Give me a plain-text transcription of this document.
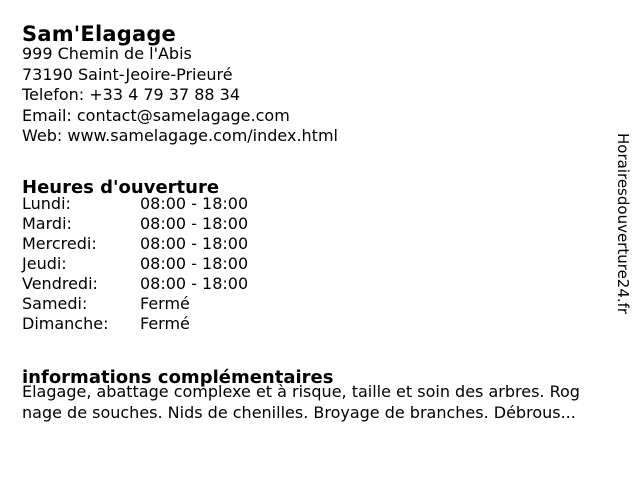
Sam'Elagage
999 Chemin de l'Abis
73190 Saint-Jeoire-Prieuré
Telefon: +33 4 79 37 88 34
Email: contact@samelagage.com
Web: www.samelagage.com/index.html
Heures d'ouverture
Lundi:	08:00 - 18:00
Mardi:	08:00 - 18:00
Mercredi:	08:00 - 18:00
Jeudi:	08:00 - 18:00
Vendredi:	08:00 - 18:00
Samedi:	Fermé
Dimanche:	Fermé
informations complémentaires
Elagage, abattage complexe et à risque, taille et soin des arbres. Rog
nage de souches. Nids de chenilles. Broyage de branches. Débrous...
Horairesdouverture24.fr
